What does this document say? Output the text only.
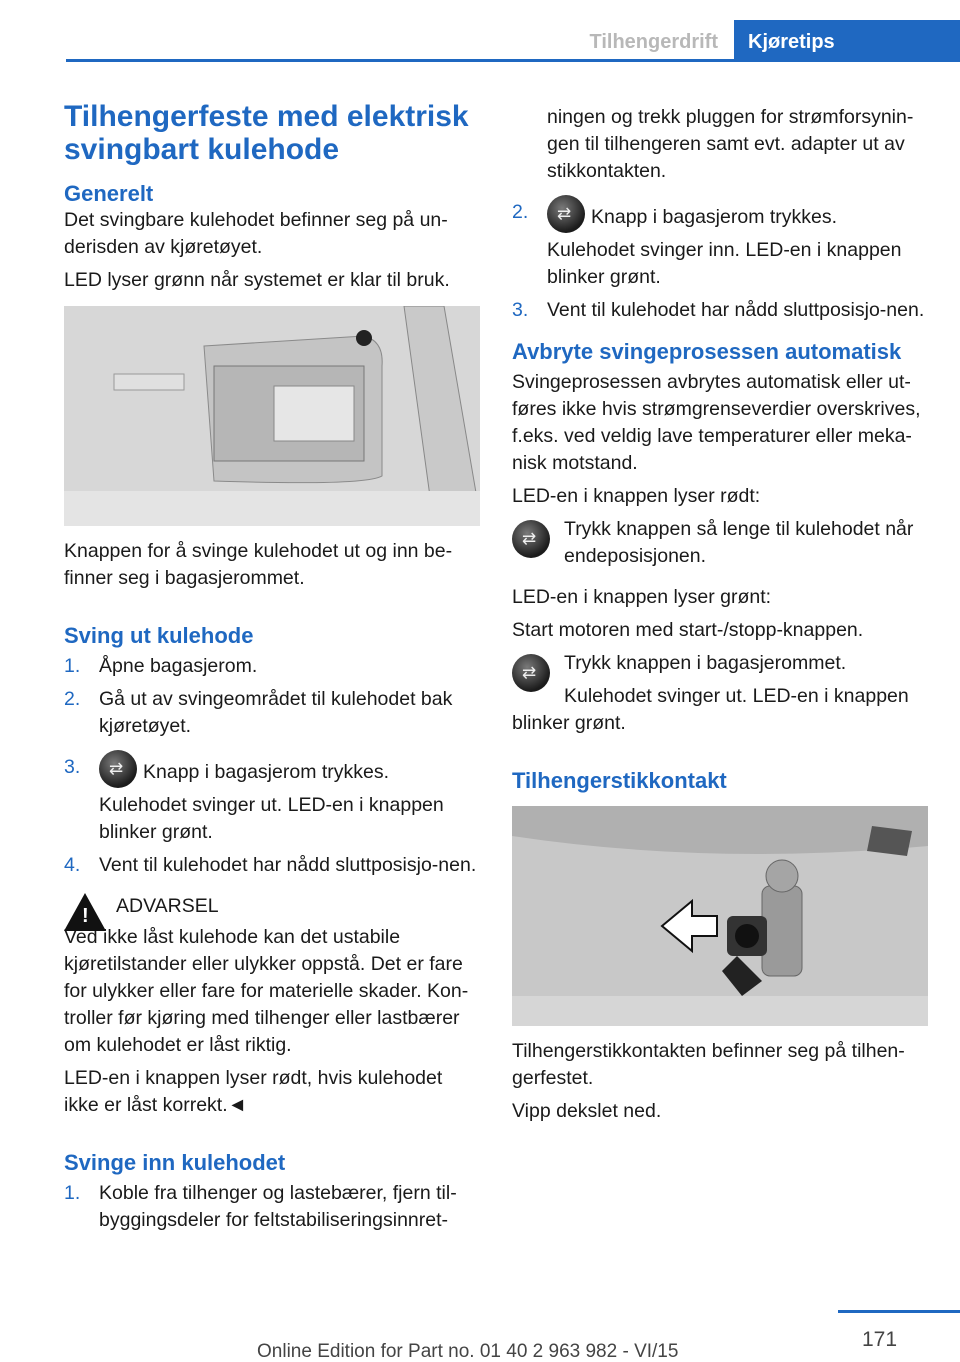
Tilhengerdrift	Kjøretips
Tilhengerfeste med elektrisk svingbart kulehode
Generelt

Det svingbare kulehodet befinner seg på un-derisden av kjøretøyet.

LED lyser grønn når systemet er klar til bruk.

Knappen for å svinge kulehodet ut og inn be-finner seg i bagasjerommet.

Sving ut kulehode
1. Åpne bagasjerom.
2. Gå ut av svingeområdet til kulehodet bak kjøretøyet.
3. ⇄	Knapp i bagasjerom trykkes.
Kulehodet svinger ut. LED-en i knappen blinker grønt.
4. Vent til kulehodet har nådd sluttposisjo-nen.
! ADVARSEL

Ved ikke låst kulehode kan det ustabile kjøretilstander eller ulykker oppstå. Det er fare for ulykker eller fare for materielle skader. Kon-troller før kjøring med tilhenger eller lastbærer om kulehodet er låst riktig.

LED-en i knappen lyser rødt, hvis kulehodet ikke er låst korrekt.◄

Svinge inn kulehodet
1. Koble fra tilhenger og lastebærer, fjern til-byggingsdeler for feltstabiliseringsinnret-

ningen og trekk pluggen for strømforsynin-gen til tilhengeren samt evt. adapter ut av stikkontakten.

2. ⇄	Knapp i bagasjerom trykkes.
Kulehodet svinger inn. LED-en i knappen blinker grønt.
3. Vent til kulehodet har nådd sluttposisjo-nen.
Avbryte svingeprosessen automatisk

Svingeprosessen avbrytes automatisk eller ut-føres ikke hvis strømgrenseverdier overskrives, f.eks. ved veldig lave temperaturer eller meka-nisk motstand.

LED-en i knappen lyser rødt:

⇄
Trykk knappen så lenge til kulehodet når endeposisjonen.

LED-en i knappen lyser grønt:

Start motoren med start-/stopp-knappen.

⇄
Trykk knappen i bagasjerommet.

Kulehodet svinger ut. LED-en i knappen blinker grønt.

Tilhengerstikkontakt

Tilhengerstikkontakten befinner seg på tilhen-gerfestet.

Vipp dekslet ned.

171
Online Edition for Part no. 01 40 2 963 982 - VI/15
